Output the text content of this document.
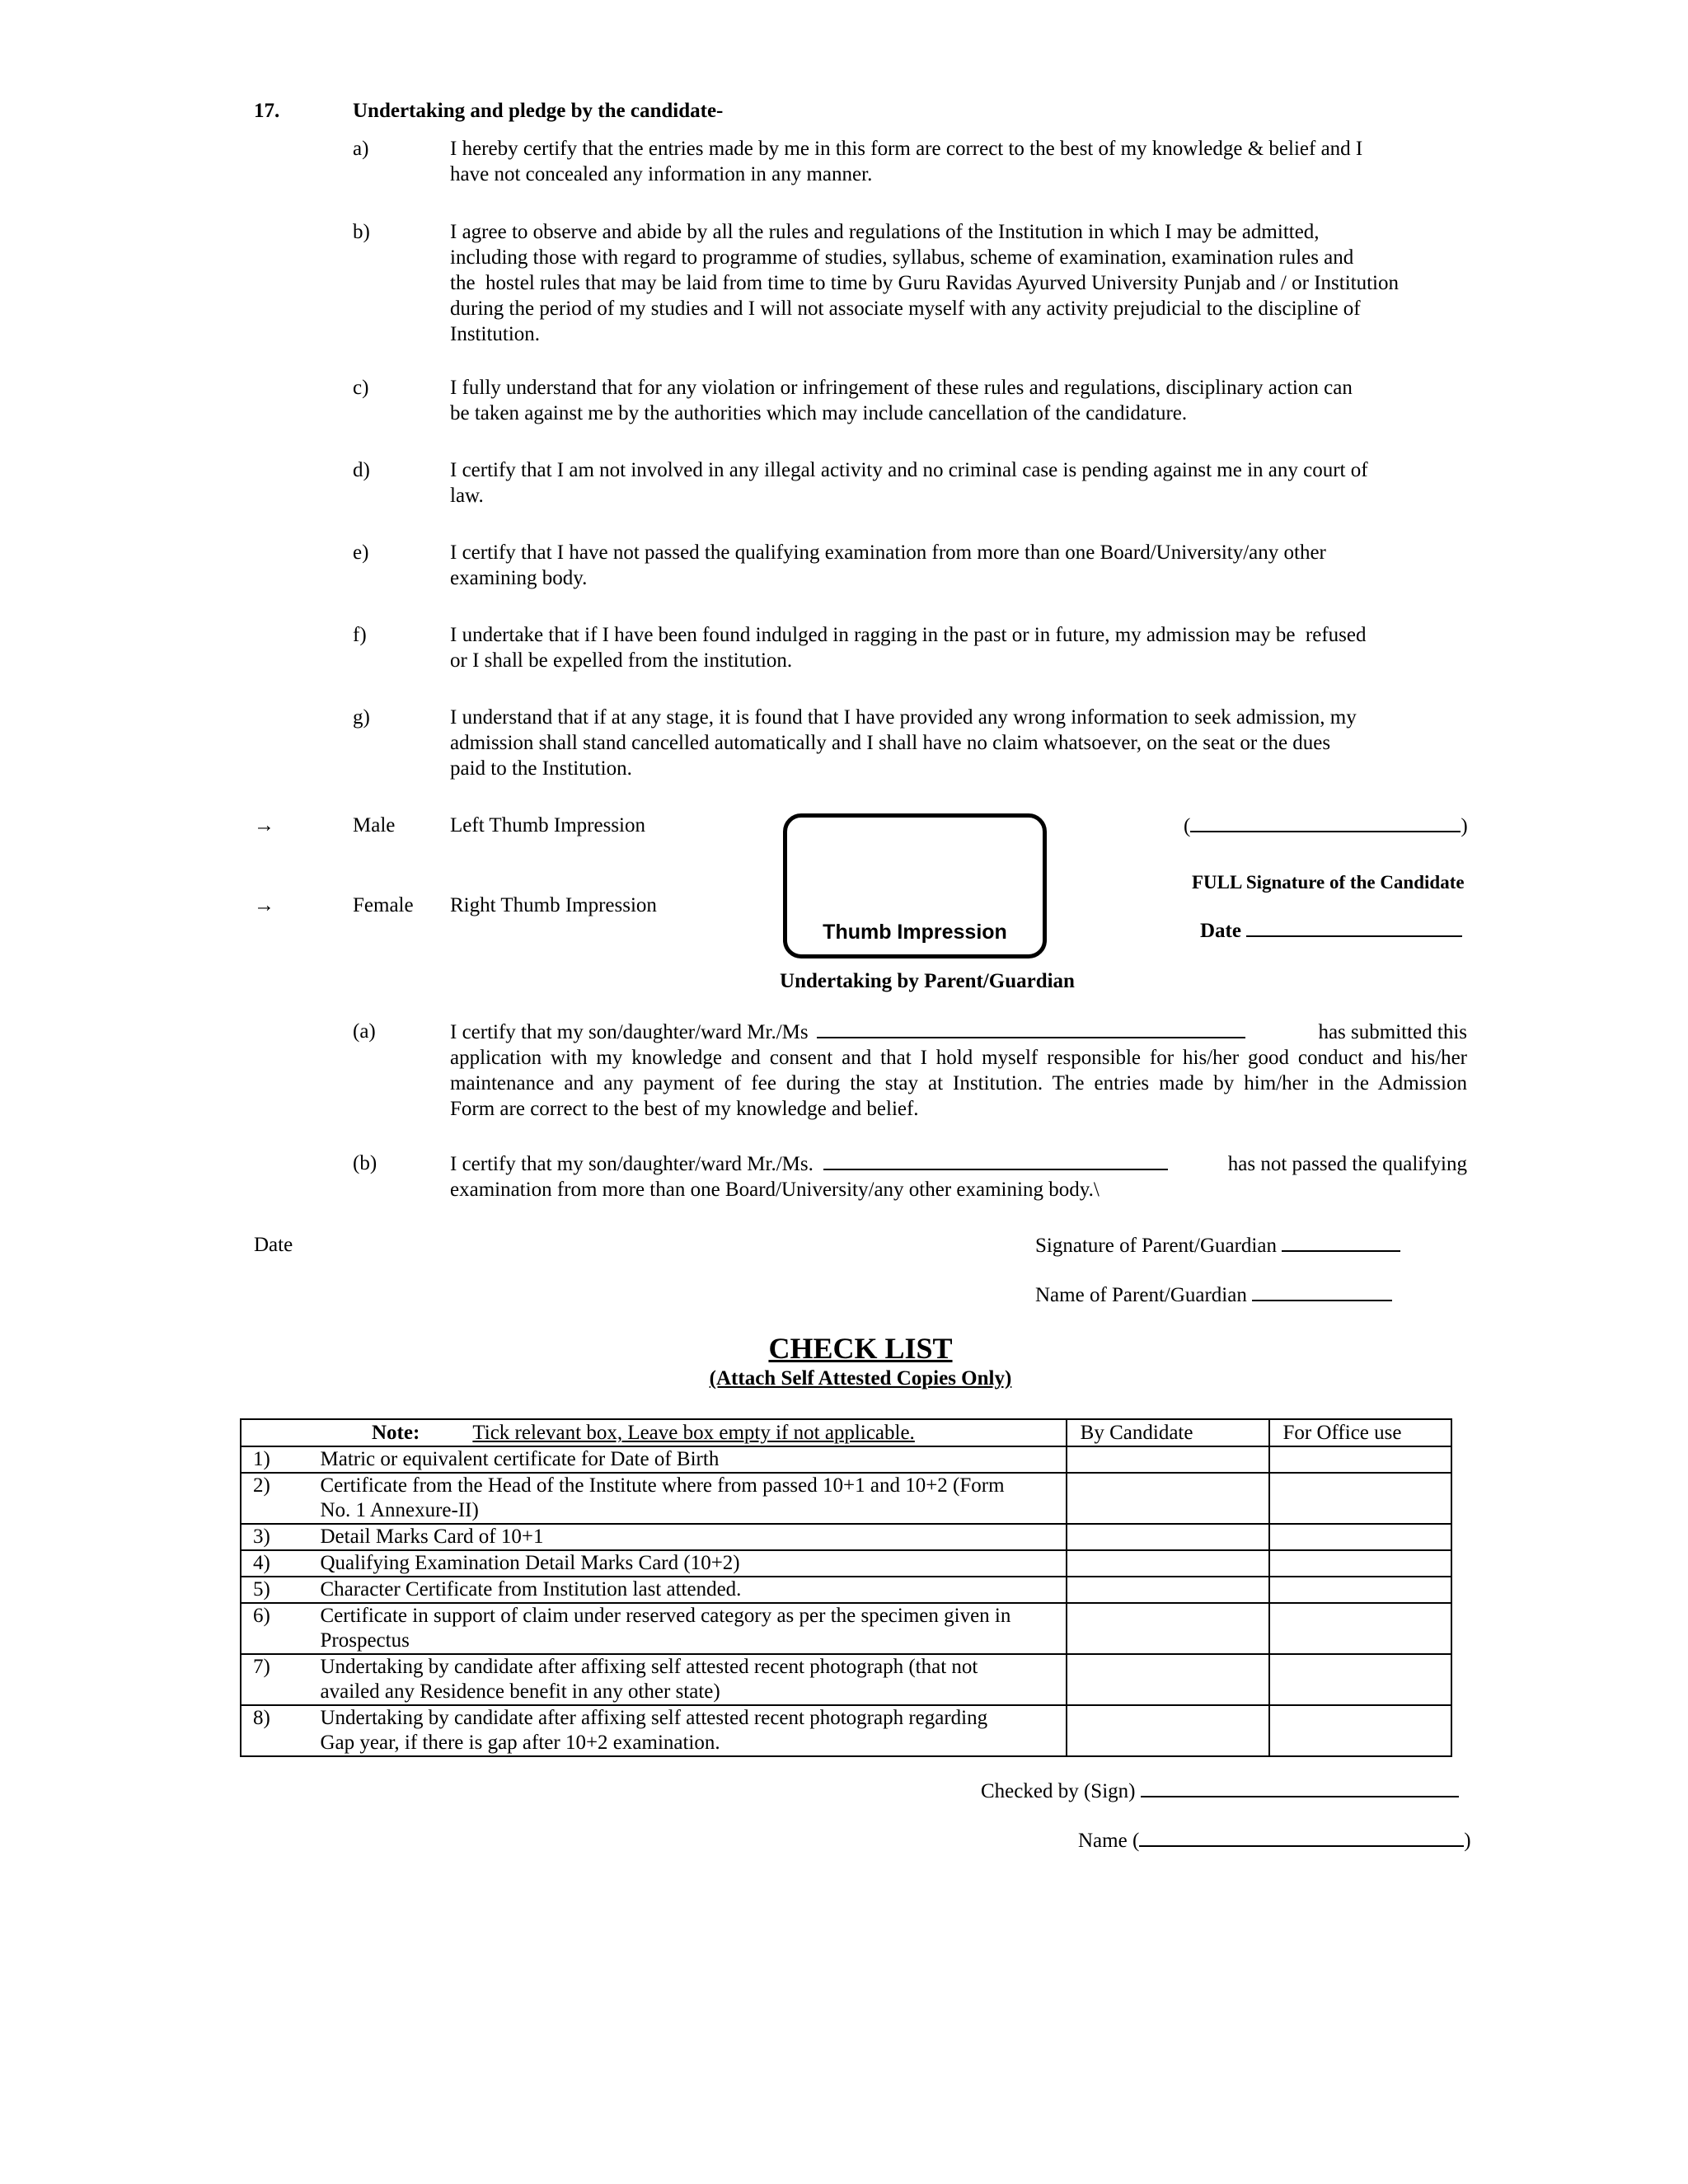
17.	Undertaking and pledge by the candidate-
a)	I hereby certify that the entries made by me in this form are correct to the best of my knowledge & belief and I
have not concealed any information in any manner.
b)	I agree to observe and abide by all the rules and regulations of the Institution in which I may be admitted,
including those with regard to programme of studies, syllabus, scheme of examination, examination rules and
the  hostel rules that may be laid from time to time by Guru Ravidas Ayurved University Punjab and / or Institution
during the period of my studies and I will not associate myself with any activity prejudicial to the discipline of
Institution.
c)	I fully understand that for any violation or infringement of these rules and regulations, disciplinary action can
be taken against me by the authorities which may include cancellation of the candidature.
d)	I certify that I am not involved in any illegal activity and no criminal case is pending against me in any court of
law.
e)	I certify that I have not passed the qualifying examination from more than one Board/University/any other
examining body.
f)	I undertake that if I have been found indulged in ragging in the past or in future, my admission may be  refused
or I shall be expelled from the institution.
g)	I understand that if at any stage, it is found that I have provided any wrong information to seek admission, my
admission shall stand cancelled automatically and I shall have no claim whatsoever, on the seat or the dues
paid to the Institution.
→	Male	Left Thumb Impression
→	Female Right Thumb Impression
Thumb Impression
(	)
FULL Signature of the Candidate
Date
Undertaking by Parent/Guardian
(a)	I certify that my son/daughter/ward Mr./Ms	has submitted this
application with my knowledge and consent and that I hold myself responsible for his/her good conduct and his/her
maintenance and any payment of fee during the stay at Institution. The entries made by him/her in the Admission
Form are correct to the best of my knowledge and belief.
(b)	I certify that my son/daughter/ward Mr./Ms.	has not passed the qualifying
examination from more than one Board/University/any other examining body.\
Date	Signature of Parent/Guardian
Name of Parent/Guardian
CHECK LIST
(Attach Self Attested Copies Only)
Note: Tick relevant box, Leave box empty if not applicable.		By Candidate	For Office use
1)	Matric or equivalent certificate for Date of Birth		

2)	Certificate from the Head of the Institute where from passed 10+1 and 10+2 (Form
No. 1 Annexure-II)		

3)	Detail Marks Card of 10+1		

4)	Qualifying Examination Detail Marks Card (10+2)		

5)	Character Certificate from Institution last attended.		

6)	Certificate in support of claim under reserved category as per the specimen given in
Prospectus		

7)	Undertaking by candidate after affixing self attested recent photograph (that not
availed any Residence benefit in any other state)		

8)	Undertaking by candidate after affixing self attested recent photograph regarding
Gap year, if there is gap after 10+2 examination.		

Checked by (Sign)
Name (	)
